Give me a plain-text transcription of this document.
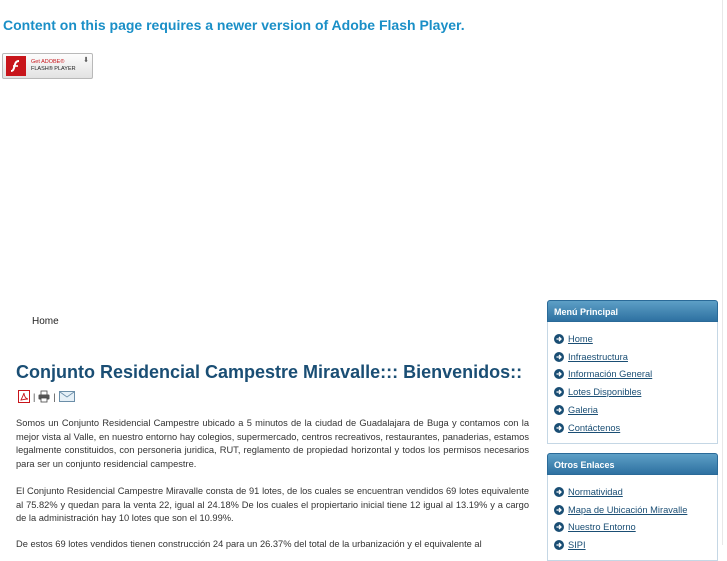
Content on this page requires a newer version of Adobe Flash Player.
Get ADOBE®
FLASH® PLAYER
⬇
Home
Conjunto Residencial Campestre Miravalle::: Bienvenidos::
| |
Somos un Conjunto Residencial Campestre ubicado a 5 minutos de la ciudad de Guadalajara de Buga y contamos con la mejor vista al Valle, en nuestro entorno hay colegios, supermercado, centros recreativos, restaurantes, panaderias, estamos legalmente constituidos, con personeria juridica, RUT, reglamento de propiedad horizontal y todos los permisos necesarios para ser un conjunto residencial campestre.
El Conjunto Residencial Campestre Miravalle consta de 91 lotes, de los cuales se encuentran vendidos 69 lotes equivalente al 75.82% y quedan para la venta 22, igual al 24.18% De los cuales el propiertario inicial tiene 12 igual al 13.19% y a cargo de la administración hay 10 lotes que son el 10.99%.
De estos 69 lotes vendidos tienen construcción 24 para un 26.37% del total de la urbanización y el equivalente al
Menú Principal
Home
Infraestructura
Información General
Lotes Disponibles
Galeria
Contáctenos
Otros Enlaces
Normatividad
Mapa de Ubicación Miravalle
Nuestro Entorno
SIPI
